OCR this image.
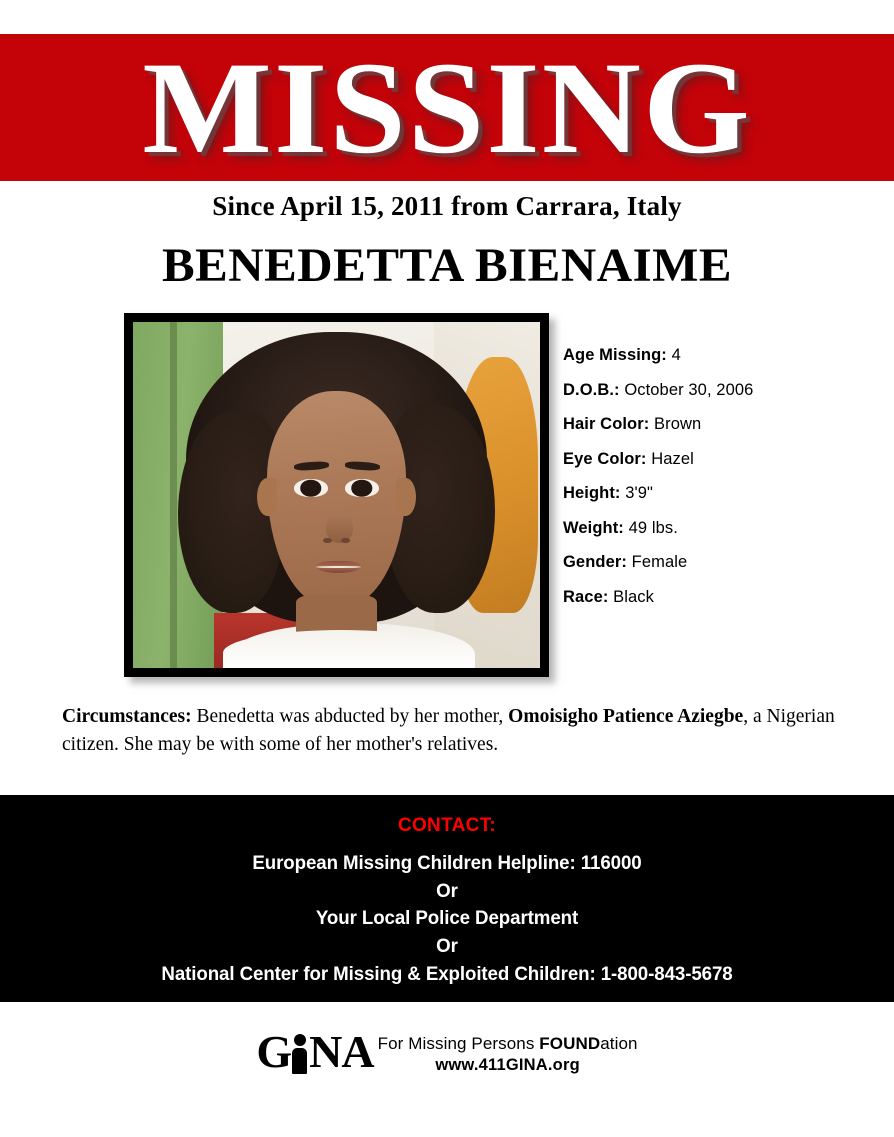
MISSING
Since April 15, 2011 from Carrara, Italy
BENEDETTA BIENAIME
Age Missing: 4
D.O.B.: October 30, 2006
Hair Color: Brown
Eye Color: Hazel
Height: 3'9"
Weight: 49 lbs.
Gender: Female
Race: Black
Circumstances: Benedetta was abducted by her mother, Omoisigho Patience Aziegbe, a Nigerian citizen. She may be with some of her mother's relatives.
CONTACT:
European Missing Children Helpline: 116000
Or
Your Local Police Department
Or
National Center for Missing & Exploited Children: 1-800-843-5678
G NA For Missing Persons FOUNDation
www.411GINA.org
